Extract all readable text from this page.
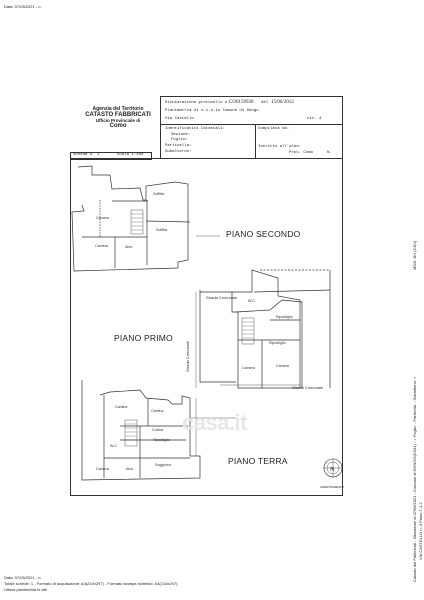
Data: 07/05/2021 - n.
Agenzia del Territorio
CATASTO FABBRICATI
Ufficio Provinciale di
Como
Dichiarazione protocollo n. CO0159930 del 15/06/2012
Planimetria di u.i.u.in Comune di Dongo
Via Castello	civ. 4
Identificativi Catastali:
Sezione:
Foglio:
Particella:
Subalterno:
Compilata da:
Iscritto all'albo:
Prov. Como	N.
Scheda n. 1	Scala 1:200
N
PIANO SECONDO
PIANO PRIMO
PIANO TERRA
Soffitta
Soffitta
Camera
Camera	Atrio
W.C.
Ripostiglio
Ripostiglio
Camera	Camera
Cantina
Cantina
W.C.
Ripostiglio
Soggiorno
Cucina
Camera	Atrio
Strada Comunale
Strada Comunale
Strada Comunale
casa.it
ORIENTAMENTO	Catasto dei Fabbricati - Situazione al 07/05/2021 - Comune di DONGO(D341) - < Foglio: - Particella: - Subalterno: > VIA CASTELLO n. 4 Piano T-1-2
MOD. BN (CEU)
Data: 07/05/2021 - n.
Totale schede: 1 - Formato di acquisizione: A4(210x297) - Formato stampa richiesto: A4(210x297)
Ultima planimetria in atti
